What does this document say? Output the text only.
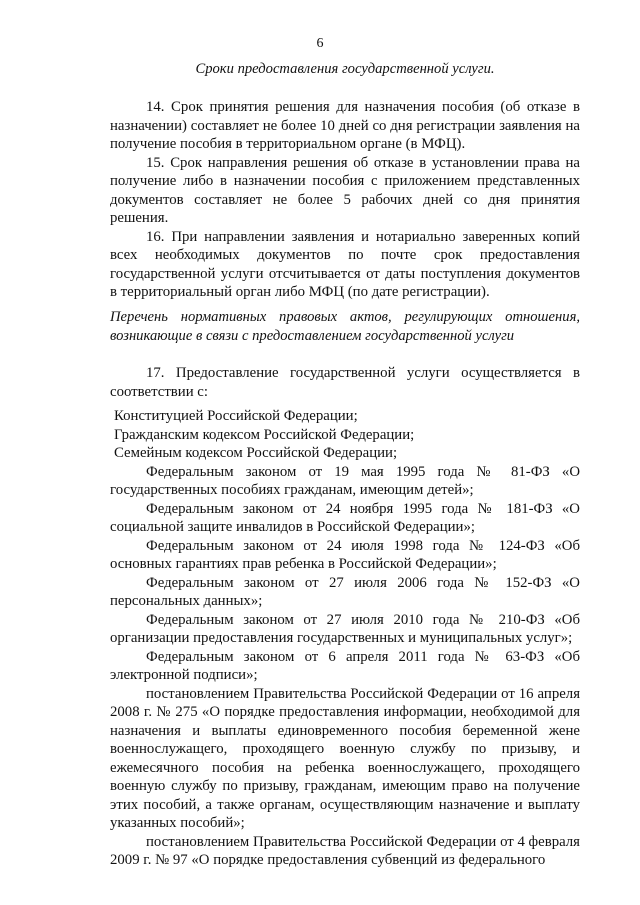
6
Сроки предоставления государственной услуги.

14. Срок принятия решения для назначения пособия (об отказе в назначении) составляет не более 10 дней со дня регистрации заявления на получение пособия в территориальном органе (в МФЦ).

15. Срок направления решения об отказе в установлении права на получение либо в назначении пособия с приложением представленных документов составляет не более 5 рабочих дней со дня принятия решения.

16. При направлении заявления и нотариально заверенных копий всех необходимых документов по почте срок предоставления государственной услуги отсчитывается от даты поступления документов в территориальный орган либо МФЦ (по дате регистрации).

Перечень нормативных правовых актов, регулирующих отношения,
возникающие в связи с предоставлением государственной услуги

17. Предоставление государственной услуги осуществляется в соответствии с:

Конституцией Российской Федерации;

Гражданским кодексом Российской Федерации;

Семейным кодексом Российской Федерации;

Федеральным законом от 19 мая 1995 года № 81-ФЗ «О государственных пособиях гражданам, имеющим детей»;

Федеральным законом от 24 ноября 1995 года № 181-ФЗ «О социальной защите инвалидов в Российской Федерации»;

Федеральным законом от 24 июля 1998 года № 124-ФЗ «Об основных гарантиях прав ребенка в Российской Федерации»;

Федеральным законом от 27 июля 2006 года № 152-ФЗ «О персональных данных»;

Федеральным законом от 27 июля 2010 года № 210-ФЗ «Об организации предоставления государственных и муниципальных услуг»;

Федеральным законом от 6 апреля 2011 года № 63-ФЗ «Об электронной подписи»;

постановлением Правительства Российской Федерации от 16 апреля 2008 г. № 275 «О порядке предоставления информации, необходимой для назначения и выплаты единовременного пособия беременной жене военнослужащего, проходящего военную службу по призыву, и ежемесячного пособия на ребенка военнослужащего, проходящего военную службу по призыву, гражданам, имеющим право на получение этих пособий, а также органам, осуществляющим назначение и выплату указанных пособий»;

постановлением Правительства Российской Федерации от 4 февраля 2009 г. № 97 «О порядке предоставления субвенций из федерального
